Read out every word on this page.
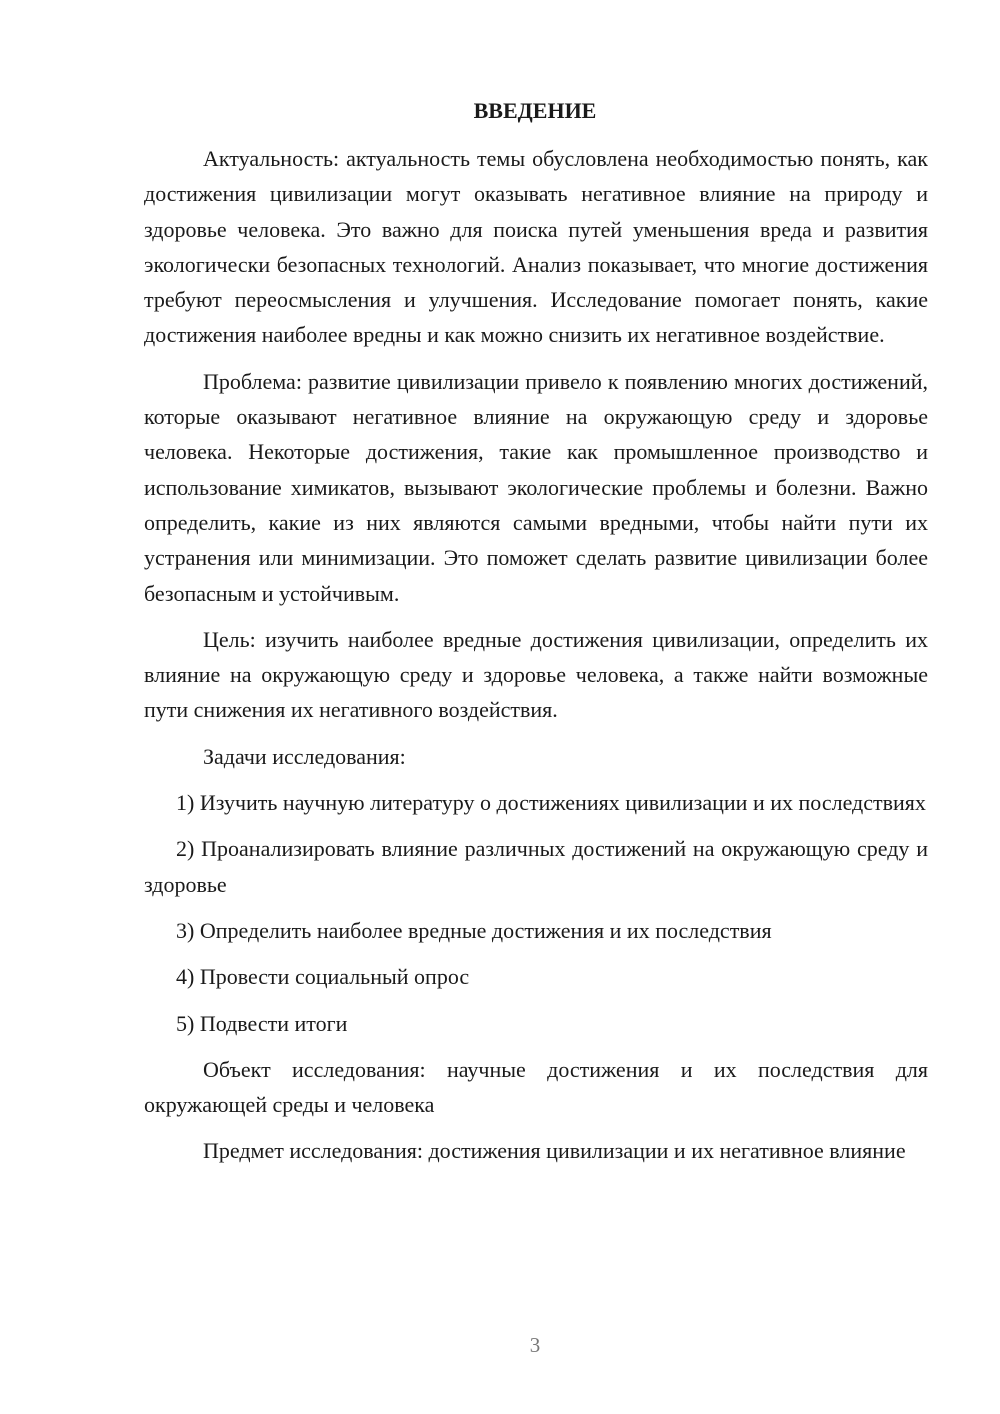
ВВЕДЕНИЕ

Актуальность: актуальность темы обусловлена необходимостью понять, как достижения цивилизации могут оказывать негативное влияние на природу и здоровье человека. Это важно для поиска путей уменьшения вреда и развития экологически безопасных технологий. Анализ показывает, что многие достижения требуют переосмысления и улучшения. Исследование помогает понять, какие достижения наиболее вредны и как можно снизить их негативное воздействие.

Проблема: развитие цивилизации привело к появлению многих достижений, которые оказывают негативное влияние на окружающую среду и здоровье человека. Некоторые достижения, такие как промышленное производство и использование химикатов, вызывают экологические проблемы и болезни. Важно определить, какие из них являются самыми вредными, чтобы найти пути их устранения или минимизации. Это поможет сделать развитие цивилизации более безопасным и устойчивым.

Цель: изучить наиболее вредные достижения цивилизации, определить их влияние на окружающую среду и здоровье человека, а также найти возможные пути снижения их негативного воздействия.

Задачи исследования:

1) Изучить научную литературу о достижениях цивилизации и их последствиях

2) Проанализировать влияние различных достижений на окружающую среду и здоровье

3) Определить наиболее вредные достижения и их последствия

4) Провести социальный опрос

5) Подвести итоги

Объект исследования: научные достижения и их последствия для окружающей среды и человека

Предмет исследования: достижения цивилизации и их негативное влияние

3
